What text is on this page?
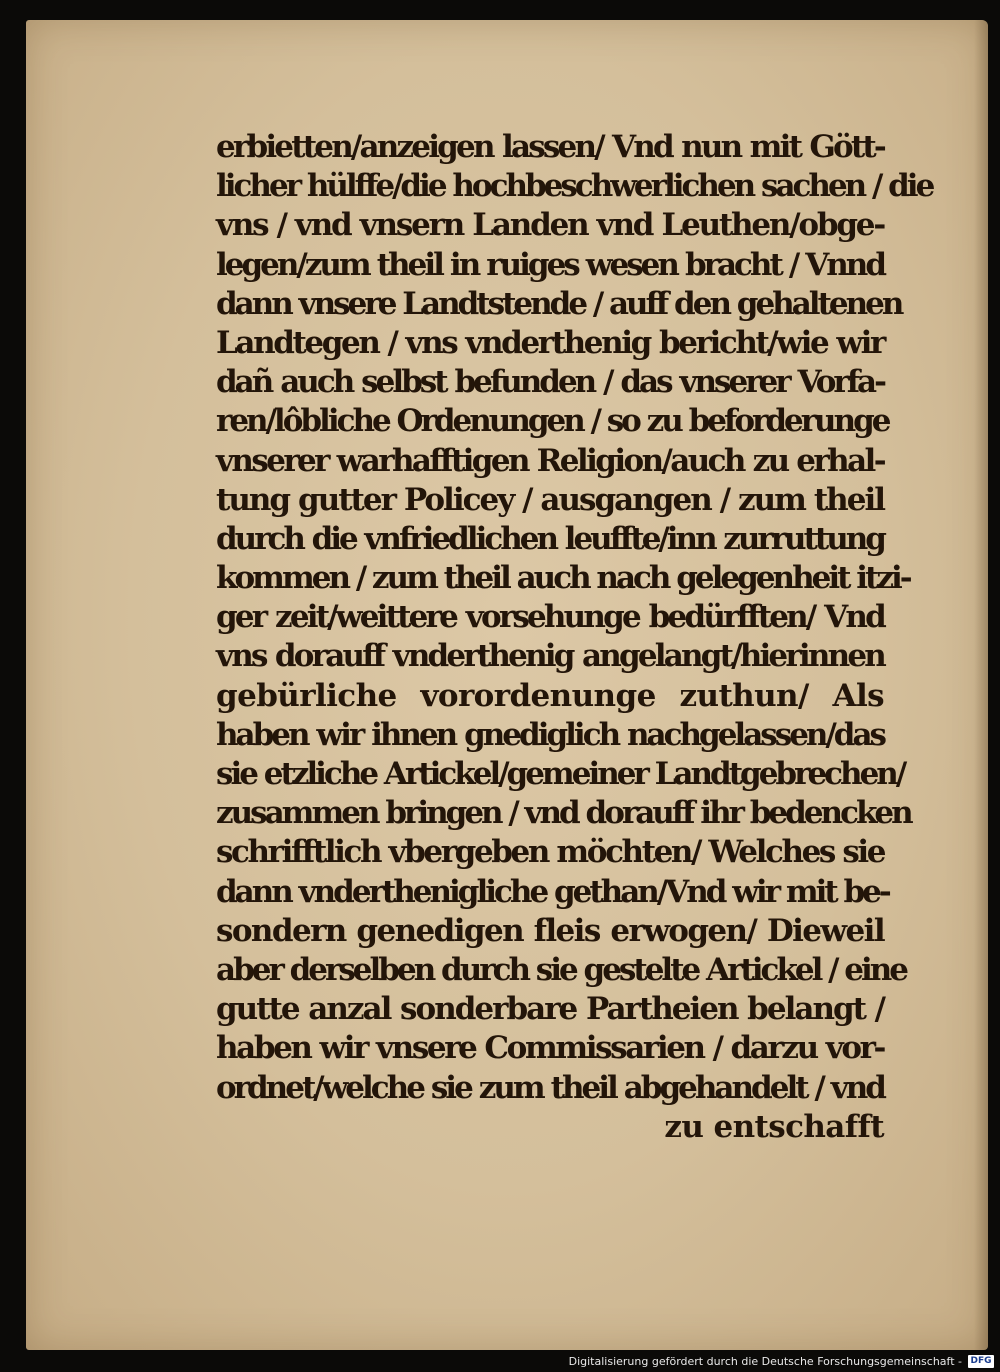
erbietten/anzeigen lassen/ Vnd nun mit Gött-
licher hülffe/die hochbeschwerlichen sachen / die
vns / vnd vnsern Landen vnd Leuthen/obge-
legen/zum theil in ruiges wesen bracht / Vnnd
dann vnsere Landtstende / auff den gehaltenen
Landtegen / vns vnderthenig bericht/wie wir
dañ auch selbst befunden / das vnserer Vorfa-
ren/lôbliche Ordenungen / so zu beforderunge
vnserer warhafftigen Religion/auch zu erhal-
tung gutter Policey / ausgangen / zum theil
durch die vnfriedlichen leuffte/inn zurruttung
kommen / zum theil auch nach gelegenheit itzi-
ger zeit/weittere vorsehunge bedürfften/ Vnd
vns dorauff vnderthenig angelangt/hierinnen
gebürliche vorordenunge zuthun/ Als
haben wir ihnen gnediglich nachgelassen/das
sie etzliche Artickel/gemeiner Landtgebrechen/
zusammen bringen / vnd dorauff ihr bedencken
schrifftlich vbergeben möchten/ Welches sie
dann vnderthenigliche gethan/Vnd wir mit be-
sondern genedigen fleis erwogen/ Dieweil
aber derselben durch sie gestelte Artickel / eine
gutte anzal sonderbare Partheien belangt /
haben wir vnsere Commissarien / darzu vor-
ordnet/welche sie zum theil abgehandelt / vnd
zu entschafft
Digitalisierung gefördert durch die Deutsche Forschungsgemeinschaft - DFG
